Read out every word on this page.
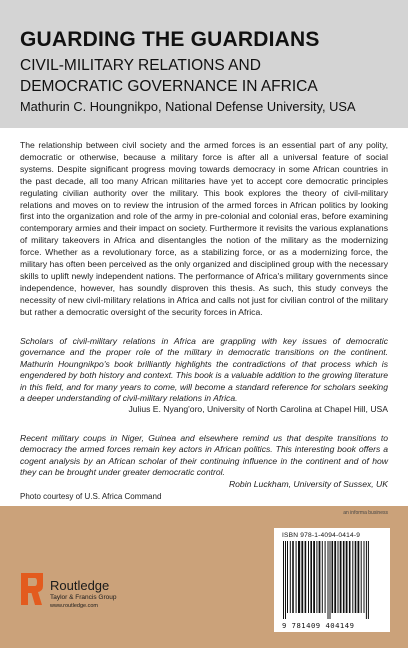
GUARDING THE GUARDIANS
CIVIL-MILITARY RELATIONS AND
DEMOCRATIC GOVERNANCE IN AFRICA
Mathurin C. Houngnikpo, National Defense University, USA

The relationship between civil society and the armed forces is an essential part of any polity, democratic or otherwise, because a military force is after all a universal feature of social systems. Despite significant progress moving towards democracy in some African countries in the past decade, all too many African militaries have yet to accept core democratic principles regulating civilian authority over the military. This book explores the theory of civil-military relations and moves on to review the intrusion of the armed forces in African politics by looking first into the organization and role of the army in pre-colonial and colonial eras, before examining contemporary armies and their impact on society. Furthermore it revisits the various explanations of military takeovers in Africa and disentangles the notion of the military as the modernizing force. Whether as a revolutionary force, as a stabilizing force, or as a modernizing force, the military has often been perceived as the only organized and disciplined group with the necessary skills to uplift newly independent nations. The performance of Africa's military governments since independence, however, has soundly disproven this thesis. As such, this study conveys the necessity of new civil-military relations in Africa and calls not just for civilian control of the military but rather a democratic oversight of the security forces in Africa.

Scholars of civil-military relations in Africa are grappling with key issues of democratic governance and the proper role of the military in democratic transitions on the continent. Mathurin Houngnikpo's book brilliantly highlights the contradictions of that process which is engendered by both history and context. This book is a valuable addition to the growing literature in this field, and for many years to come, will become a standard reference for scholars seeking a deeper understanding of civil-military relations in Africa.

Julius E. Nyang'oro, University of North Carolina at Chapel Hill, USA

Recent military coups in Niger, Guinea and elsewhere remind us that despite transitions to democracy the armed forces remain key actors in African politics. This interesting book offers a cogent analysis by an African scholar of their continuing influence in the continent and of how they can be brought under greater democratic control.

Robin Luckham, University of Sussex, UK

Photo courtesy of U.S. Africa Command

an informa business
Routledge
Taylor & Francis Group
www.routledge.com
ISBN 978-1-4094-0414-9
9 781409 404149
